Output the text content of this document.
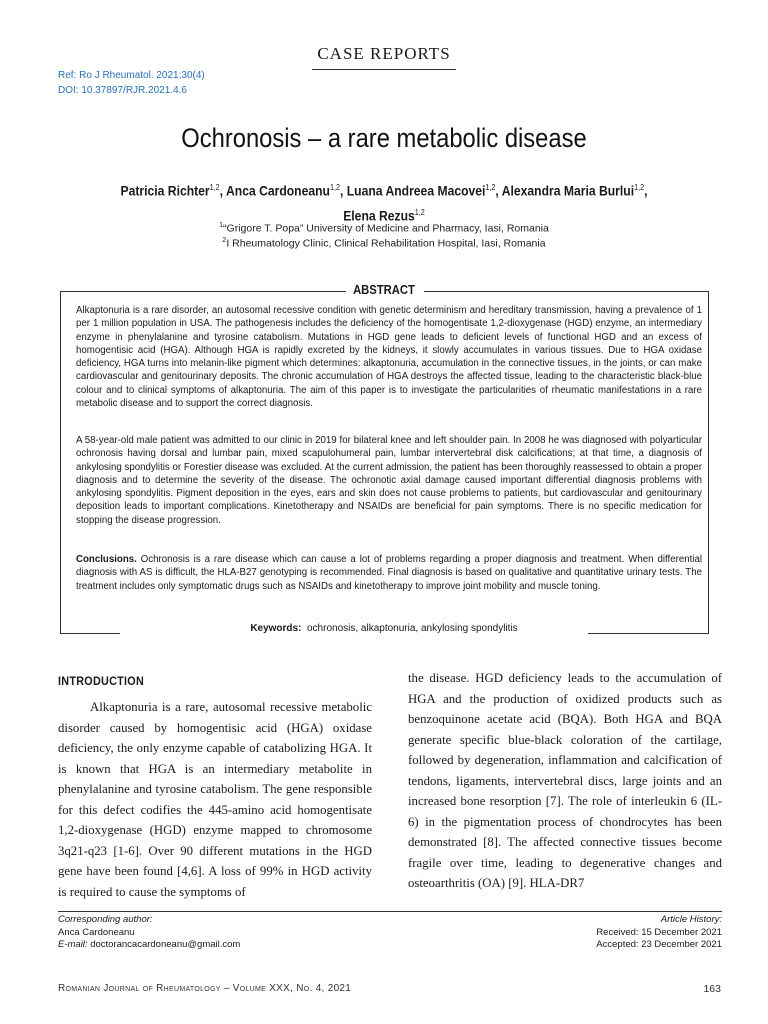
CASE REPORTS
Ref: Ro J Rheumatol. 2021;30(4)
DOI: 10.37897/RJR.2021.4.6
Ochronosis – a rare metabolic disease
Patricia Richter$^{1,2}$, Anca Cardoneanu$^{1,2}$, Luana Andreea Macovei$^{1,2}$, Alexandra Maria Burlui$^{1,2}$,
Elena Rezus$^{1,2}$
$^1$“Grigore T. Popa” University of Medicine and Pharmacy, Iasi, Romania
$^2$I Rheumatology Clinic, Clinical Rehabilitation Hospital, Iasi, Romania
ABSTRACT
Alkaptonuria is a rare disorder, an autosomal recessive condition with genetic determinism and hereditary transmission, having a prevalence of 1 per 1 million population in USA. The pathogenesis includes the deficiency of the homogentisate 1,2-dioxygenase (HGD) enzyme, an intermediary enzyme in phenylalanine and tyrosine catabolism. Mutations in HGD gene leads to deficient levels of functional HGD and an excess of homogentisic acid (HGA). Although HGA is rapidly excreted by the kidneys, it slowly accumulates in various tissues. Due to HGA oxidase deficiency, HGA turns into melanin-like pigment which determines: alkaptonuria, accumulation in the connective tissues, in the joints, or can make cardiovascular and genitourinary deposits. The chronic accumulation of HGA destroys the affected tissue, leading to the characteristic black-blue colour and to clinical symptoms of alkaptonuria. The aim of this paper is to investigate the particularities of rheumatic manifestations in a rare metabolic disease and to support the correct diagnosis.
A 58-year-old male patient was admitted to our clinic in 2019 for bilateral knee and left shoulder pain. In 2008 he was diagnosed with polyarticular ochronosis having dorsal and lumbar pain, mixed scapulohumeral pain, lumbar intervertebral disk calcifications; at that time, a diagnosis of ankylosing spondylitis or Forestier disease was excluded. At the current admission, the patient has been thoroughly reassessed to obtain a proper diagnosis and to determine the severity of the disease. The ochronotic axial damage caused important differential diagnosis problems with ankylosing spondylitis. Pigment deposition in the eyes, ears and skin does not cause problems to patients, but cardiovascular and genitourinary deposition leads to important complications. Kinetotherapy and NSAIDs are beneficial for pain symptoms. There is no specific medication for stopping the disease progression.
Conclusions. Ochronosis is a rare disease which can cause a lot of problems regarding a proper diagnosis and treatment. When differential diagnosis with AS is difficult, the HLA-B27 genotyping is recommended. Final diagnosis is based on qualitative and quantitative urinary tests. The treatment includes only symptomatic drugs such as NSAIDs and kinetotherapy to improve joint mobility and muscle toning.
Keywords: ochronosis, alkaptonuria, ankylosing spondylitis
INTRODUCTION
Alkaptonuria is a rare, autosomal recessive metabolic disorder caused by homogentisic acid (HGA) oxidase deficiency, the only enzyme capable of catabolizing HGA. It is known that HGA is an intermediary metabolite in phenylalanine and tyrosine catabolism. The gene responsible for this defect codifies the 445-amino acid homogentisate 1,2-dioxygenase (HGD) enzyme mapped to chromosome 3q21-q23 [1-6]. Over 90 different mutations in the HGD gene have been found [4,6]. A loss of 99% in HGD activity is required to cause the symptoms of
the disease. HGD deficiency leads to the accumulation of HGA and the production of oxidized products such as benzoquinone acetate acid (BQA). Both HGA and BQA generate specific blue-black coloration of the cartilage, followed by degeneration, inflammation and calcification of tendons, ligaments, intervertebral discs, large joints and an increased bone resorption [7]. The role of interleukin 6 (IL-6) in the pigmentation process of chondrocytes has been demonstrated [8]. The affected connective tissues become fragile over time, leading to degenerative changes and osteoarthritis (OA) [9]. HLA-DR7
Corresponding author:
Anca Cardoneanu
E-mail: doctorancacardoneanu@gmail.com
Article History:
Received: 15 December 2021
Accepted: 23 December 2021
Romanian Journal of Rheumatology – Volume XXX, No. 4, 2021	163
